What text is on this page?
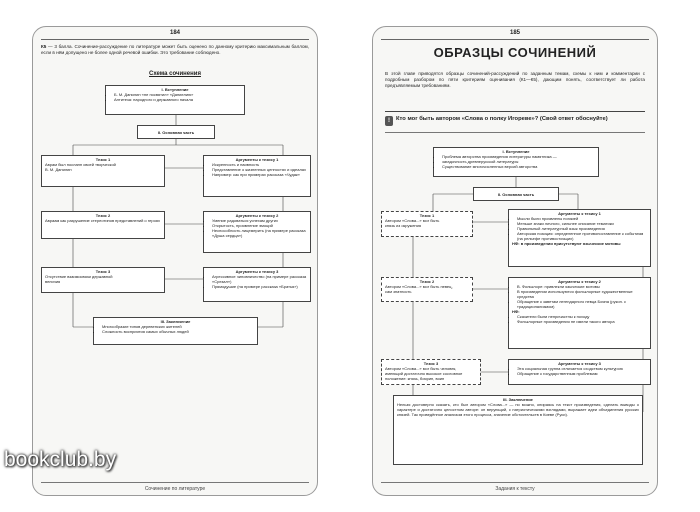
184
К5 — 3 балла. Сочинение-рассуждение по литературе может быть оценено по данному критерию максимальным баллом, если в нём допущено не более одной речевой ошибки. Это требование соблюдено.
Схема сочинения
I. Вступление
• Б. М. Данилин «не посвятил» «Даниелию»
• Антитеза: народного и державного начала
II. Основная часть
Тезис 1
Аврам был посланн своей творческой
В. М. Данилин
Аргументы к тезису 1
• Искренность и наивность
• Представление о жизненных ценностях и идеалах
• Например: как при примерах рассказа «Чудак»
Тезис 2
Авраам как разрушение стереотипов представлений о героях
Аргументы к тезису 2
• Умение радоваться успехам других
• Открытость, проявление эмоций
• Неспособность лицемерить (на примере рассказа «Душа сердца»)
Тезис 3
Отсутствие взаимосвязи державной
величия
Аргументы к тезису 3
• Агрессивное чиновничество (на примере рассказа «Срезал»)
• Прямодушие (на примере рассказа «Братья»)
III. Заключение
• Многообразие типов деревенских жителей
• Сложность восприятия самых обычных людей
Сочинение по литературе
185
ОБРАЗЦЫ СОЧИНЕНИЙ
В этой главе приводятся образцы сочинений-рассуждений по заданным темам, схемы к ним и комментарии с подробным разбором по пяти критериям оценивания (К1—К5), дающим понять, соответствует ли работа предъявляемым требованиям.
!	Кто мог быть автором «Слова о полку Игореве»? (Свой ответ обоснуйте)
I. Вступление
• Проблема авторства произведения литературы памятника —
• загадочность древнерусской литературы
• Существование многочисленных версий авторства
II. Основная часть
Тезис 1
Автором «Слова...» мог быть
князь из окружения
Аргументы к тезису 1
• Мысли были проявлены поэзией
• Меньше знаки личного, сильнее описание тематики
• Правильный литературный язык произведения
• Авторская позиция: определенное противопоставление к событиям (на рельефе противостоящих)
НФ: в произведении присутствуют языческие мотивы
Тезис 2
Автором «Слова...» мог быть певец,
сам знатность
Аргументы к тезису 2
• В. Фольклоре: привлекли языческие мотивы
• В произведении используются фольклорные художественные средства
• Обращение к заветам легендарного певца Бояна (рукоп. с традиционализмом)
НФ:
• Сказители были непричастны к походу
• Фольклорные произведения не имели такого автора
Тезис 3
Автором «Слова...» мог быть человек,
имеющий достаточно высокое сословное
положение: князь, боярин, воин
Аргументы к тезису 3
• Эта социальная группа отличается сходством культурою
• Обращение к государственным проблемам
III. Заключение
Нельзя достоверно сказать, кто был автором «Слова...» — но можно, опираясь на текст произведения, сделать выводы о характере и достаточно целостном авторе: он верующий, с патриотическими взглядами, выражает идеи объединения русских князей. Так проведённое анализом этого процесса, значение обстоятельств в Киеве (Руси).
Задания к тексту
bookclub.by
